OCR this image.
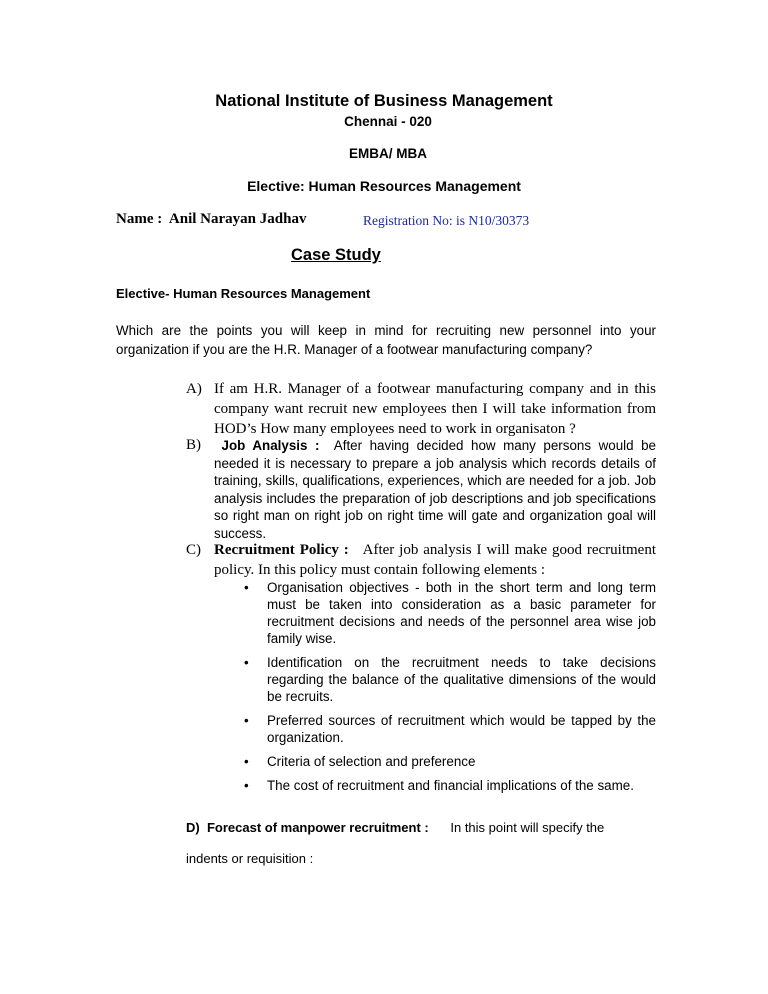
National Institute of Business Management
Chennai - 020
EMBA/ MBA
Elective: Human Resources Management
Name : Anil Narayan Jadhav	Registration No: is N10/30373
Case Study
Elective- Human Resources Management
Which are the points you will keep in mind for recruiting new personnel into your organization if you are the H.R. Manager of a footwear manufacturing company?
A) If am H.R. Manager of a footwear manufacturing company and in this company want recruit new employees then I will take information from HOD’s How many employees need to work in organisaton ?
B)	Job Analysis : After having decided how many persons would be needed it is necessary to prepare a job analysis which records details of training, skills, qualifications, experiences, which are needed for a job. Job analysis includes the preparation of job descriptions and job specifications so right man on right job on right time will gate and organization goal will success.
C) Recruitment Policy : After job analysis I will make good recruitment policy. In this policy must contain following elements :
• Organisation objectives - both in the short term and long term must be taken into consideration as a basic parameter for recruitment decisions and needs of the personnel area wise job family wise.
• Identification on the recruitment needs to take decisions regarding the balance of the qualitative dimensions of the would be recruits.
• Preferred sources of recruitment which would be tapped by the organization.
• Criteria of selection and preference
• The cost of recruitment and financial implications of the same.
D) Forecast of manpower recruitment : In this point will specify the
indents or requisition :
